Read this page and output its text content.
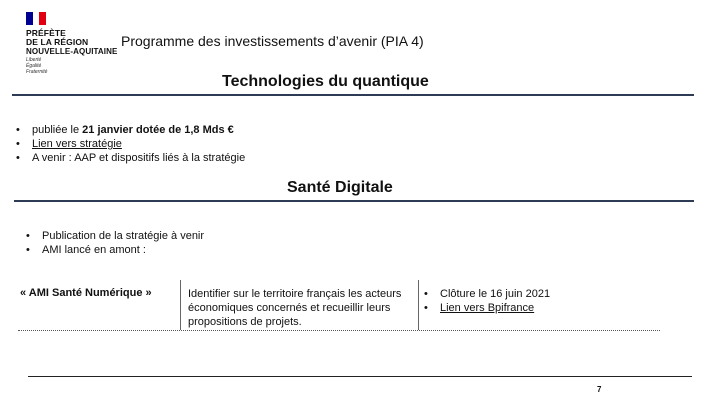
PRÉFÈTE
DE LA RÉGION
NOUVELLE-AQUITAINE
Liberté
Égalité
Fraternité
Programme des investissements d’avenir (PIA 4)
Technologies du quantique
• publiée le 21 janvier dotée de 1,8 Mds €
• Lien vers stratégie
• A venir : AAP et dispositifs liés à la stratégie
Santé Digitale
• Publication de la stratégie à venir
• AMI lancé en amont :
« AMI Santé Numérique »	Identifier sur le territoire français les acteurs économiques concernés et recueillir leurs propositions de projets.
• Clôture le 16 juin 2021
• Lien vers Bpifrance
7
